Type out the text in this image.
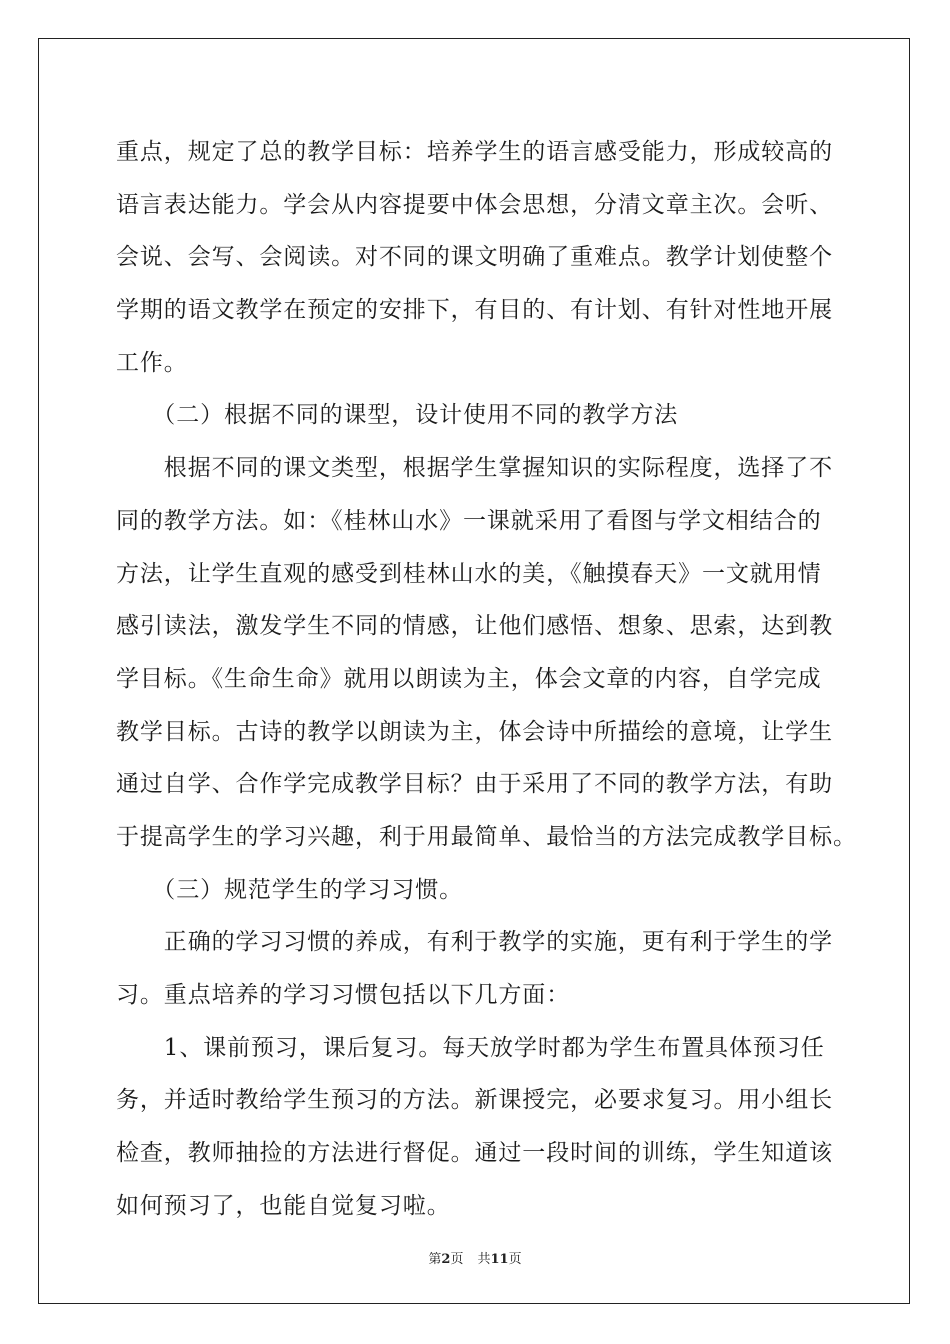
重点，规定了总的教学目标：培养学生的语言感受能力，形成较高的
语言表达能力。学会从内容提要中体会思想，分清文章主次。会听、
会说、会写、会阅读。对不同的课文明确了重难点。教学计划使整个
学期的语文教学在预定的安排下，有目的、有计划、有针对性地开展
工作。
　　（二）根据不同的课型，设计使用不同的教学方法
　　根据不同的课文类型，根据学生掌握知识的实际程度，选择了不
同的教学方法。如：《桂林山水》一课就采用了看图与学文相结合的
方法，让学生直观的感受到桂林山水的美，《触摸春天》一文就用情
感引读法，激发学生不同的情感，让他们感悟、想象、思索，达到教
学目标。《生命生命》就用以朗读为主，体会文章的内容，自学完成
教学目标。古诗的教学以朗读为主，体会诗中所描绘的意境，让学生
通过自学、合作学完成教学目标？由于采用了不同的教学方法，有助
于提高学生的学习兴趣，利于用最简单、最恰当的方法完成教学目标。
　　（三）规范学生的学习习惯。
　　正确的学习习惯的养成，有利于教学的实施，更有利于学生的学
习。重点培养的学习习惯包括以下几方面：
　　1、课前预习，课后复习。每天放学时都为学生布置具体预习任
务，并适时教给学生预习的方法。新课授完，必要求复习。用小组长
检查，教师抽捡的方法进行督促。通过一段时间的训练，学生知道该
如何预习了，也能自觉复习啦。
第2页 共11页
